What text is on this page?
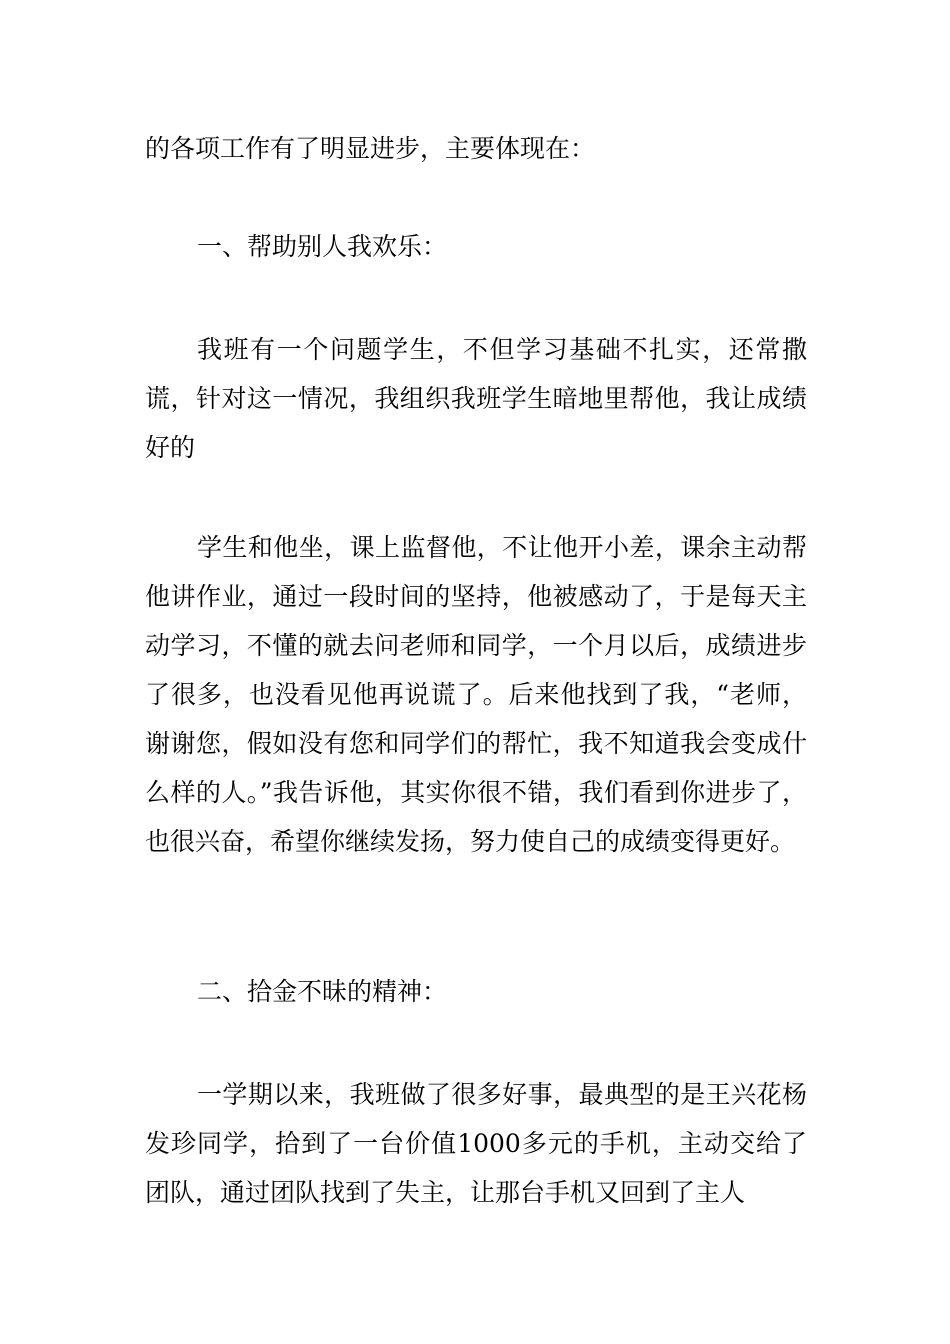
的各项工作有了明显进步，主要体现在：

一、帮助别人我欢乐：

我班有一个问题学生，不但学习基础不扎实，还常撒谎，针对这一情况，我组织我班学生暗地里帮他，我让成绩好的

学生和他坐，课上监督他，不让他开小差，课余主动帮他讲作业，通过一段时间的坚持，他被感动了，于是每天主动学习，不懂的就去问老师和同学，一个月以后，成绩进步了很多，也没看见他再说谎了。后来他找到了我，“老师，谢谢您，假如没有您和同学们的帮忙，我不知道我会变成什么样的人。”我告诉他，其实你很不错，我们看到你进步了，也很兴奋，希望你继续发扬，努力使自己的成绩变得更好。

二、拾金不昧的精神：

一学期以来，我班做了很多好事，最典型的是王兴花杨发珍同学，拾到了一台价值1000多元的手机，主动交给了团队，通过团队找到了失主，让那台手机又回到了主人
